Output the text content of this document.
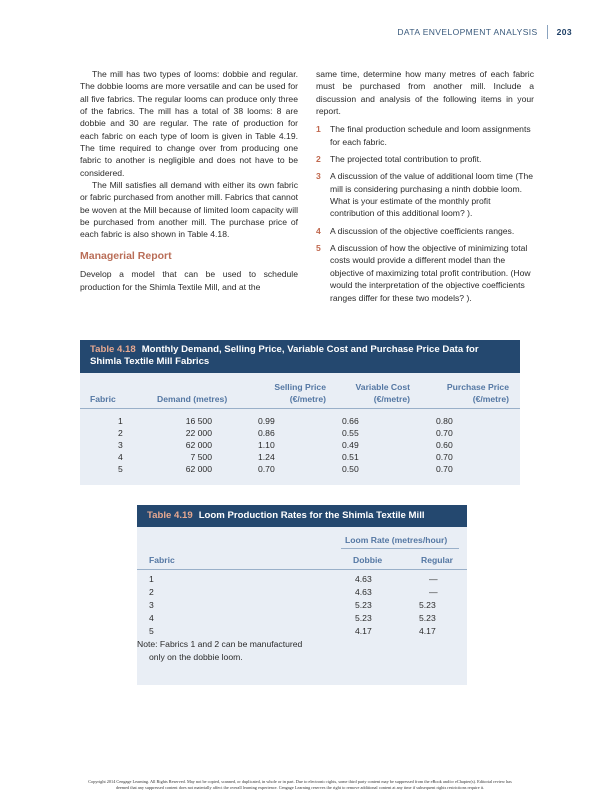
DATA ENVELOPMENT ANALYSIS 203

The mill has two types of looms: dobbie and regular. The dobbie looms are more versatile and can be used for all five fabrics. The regular looms can produce only three of the fabrics. The mill has a total of 38 looms: 8 are dobbie and 30 are regular. The rate of production for each fabric on each type of loom is given in Table 4.19. The time required to change over from producing one fabric to another is negligible and does not have to be considered.

The Mill satisfies all demand with either its own fabric or fabric purchased from another mill. Fabrics that cannot be woven at the Mill because of limited loom capacity will be purchased from another mill. The purchase price of each fabric is also shown in Table 4.18.

Managerial Report

Develop a model that can be used to schedule production for the Shimla Textile Mill, and at the

same time, determine how many metres of each fabric must be purchased from another mill. Include a discussion and analysis of the following items in your report.

1	The final production schedule and loom assignments for each fabric.
2	The projected total contribution to profit.
3	A discussion of the value of additional loom time (The mill is considering purchasing a ninth dobbie loom. What is your estimate of the monthly profit contribution of this additional loom? ).
4	A discussion of the objective coefficients ranges.
5	A discussion of how the objective of minimizing total costs would provide a different model than the objective of maximizing total profit contribution. (How would the interpretation of the objective coefficients ranges differ for these two models? ).
Table 4.18 Monthly Demand, Selling Price, Variable Cost and Purchase Price Data for
Shimla Textile Mill Fabrics
Selling Price
(€/metre)
Variable Cost
(€/metre)
Purchase Price
(€/metre)
Fabric	Demand (metres)
1	16 500	0.99	0.66	0.80
2	22 000	0.86	0.55	0.70
3	62 000	1.10	0.49	0.60
4	7 500	1.24	0.51	0.70
5	62 000	0.70	0.50	0.70
Table 4.19 Loom Production Rates for the Shimla Textile Mill
Loom Rate (metres/hour)
Fabric	Dobbie	Regular
1	4.63	—
2	4.63	—
3	5.23	5.23
4	5.23	5.23
5	4.17	4.17
Note: Fabrics 1 and 2 can be manufactured
only on the dobbie loom.
Copyright 2014 Cengage Learning. All Rights Reserved. May not be copied, scanned, or duplicated, in whole or in part. Due to electronic rights, some third party content may be suppressed from the eBook and/or eChapter(s). Editorial review has
deemed that any suppressed content does not materially affect the overall learning experience. Cengage Learning reserves the right to remove additional content at any time if subsequent rights restrictions require it.
